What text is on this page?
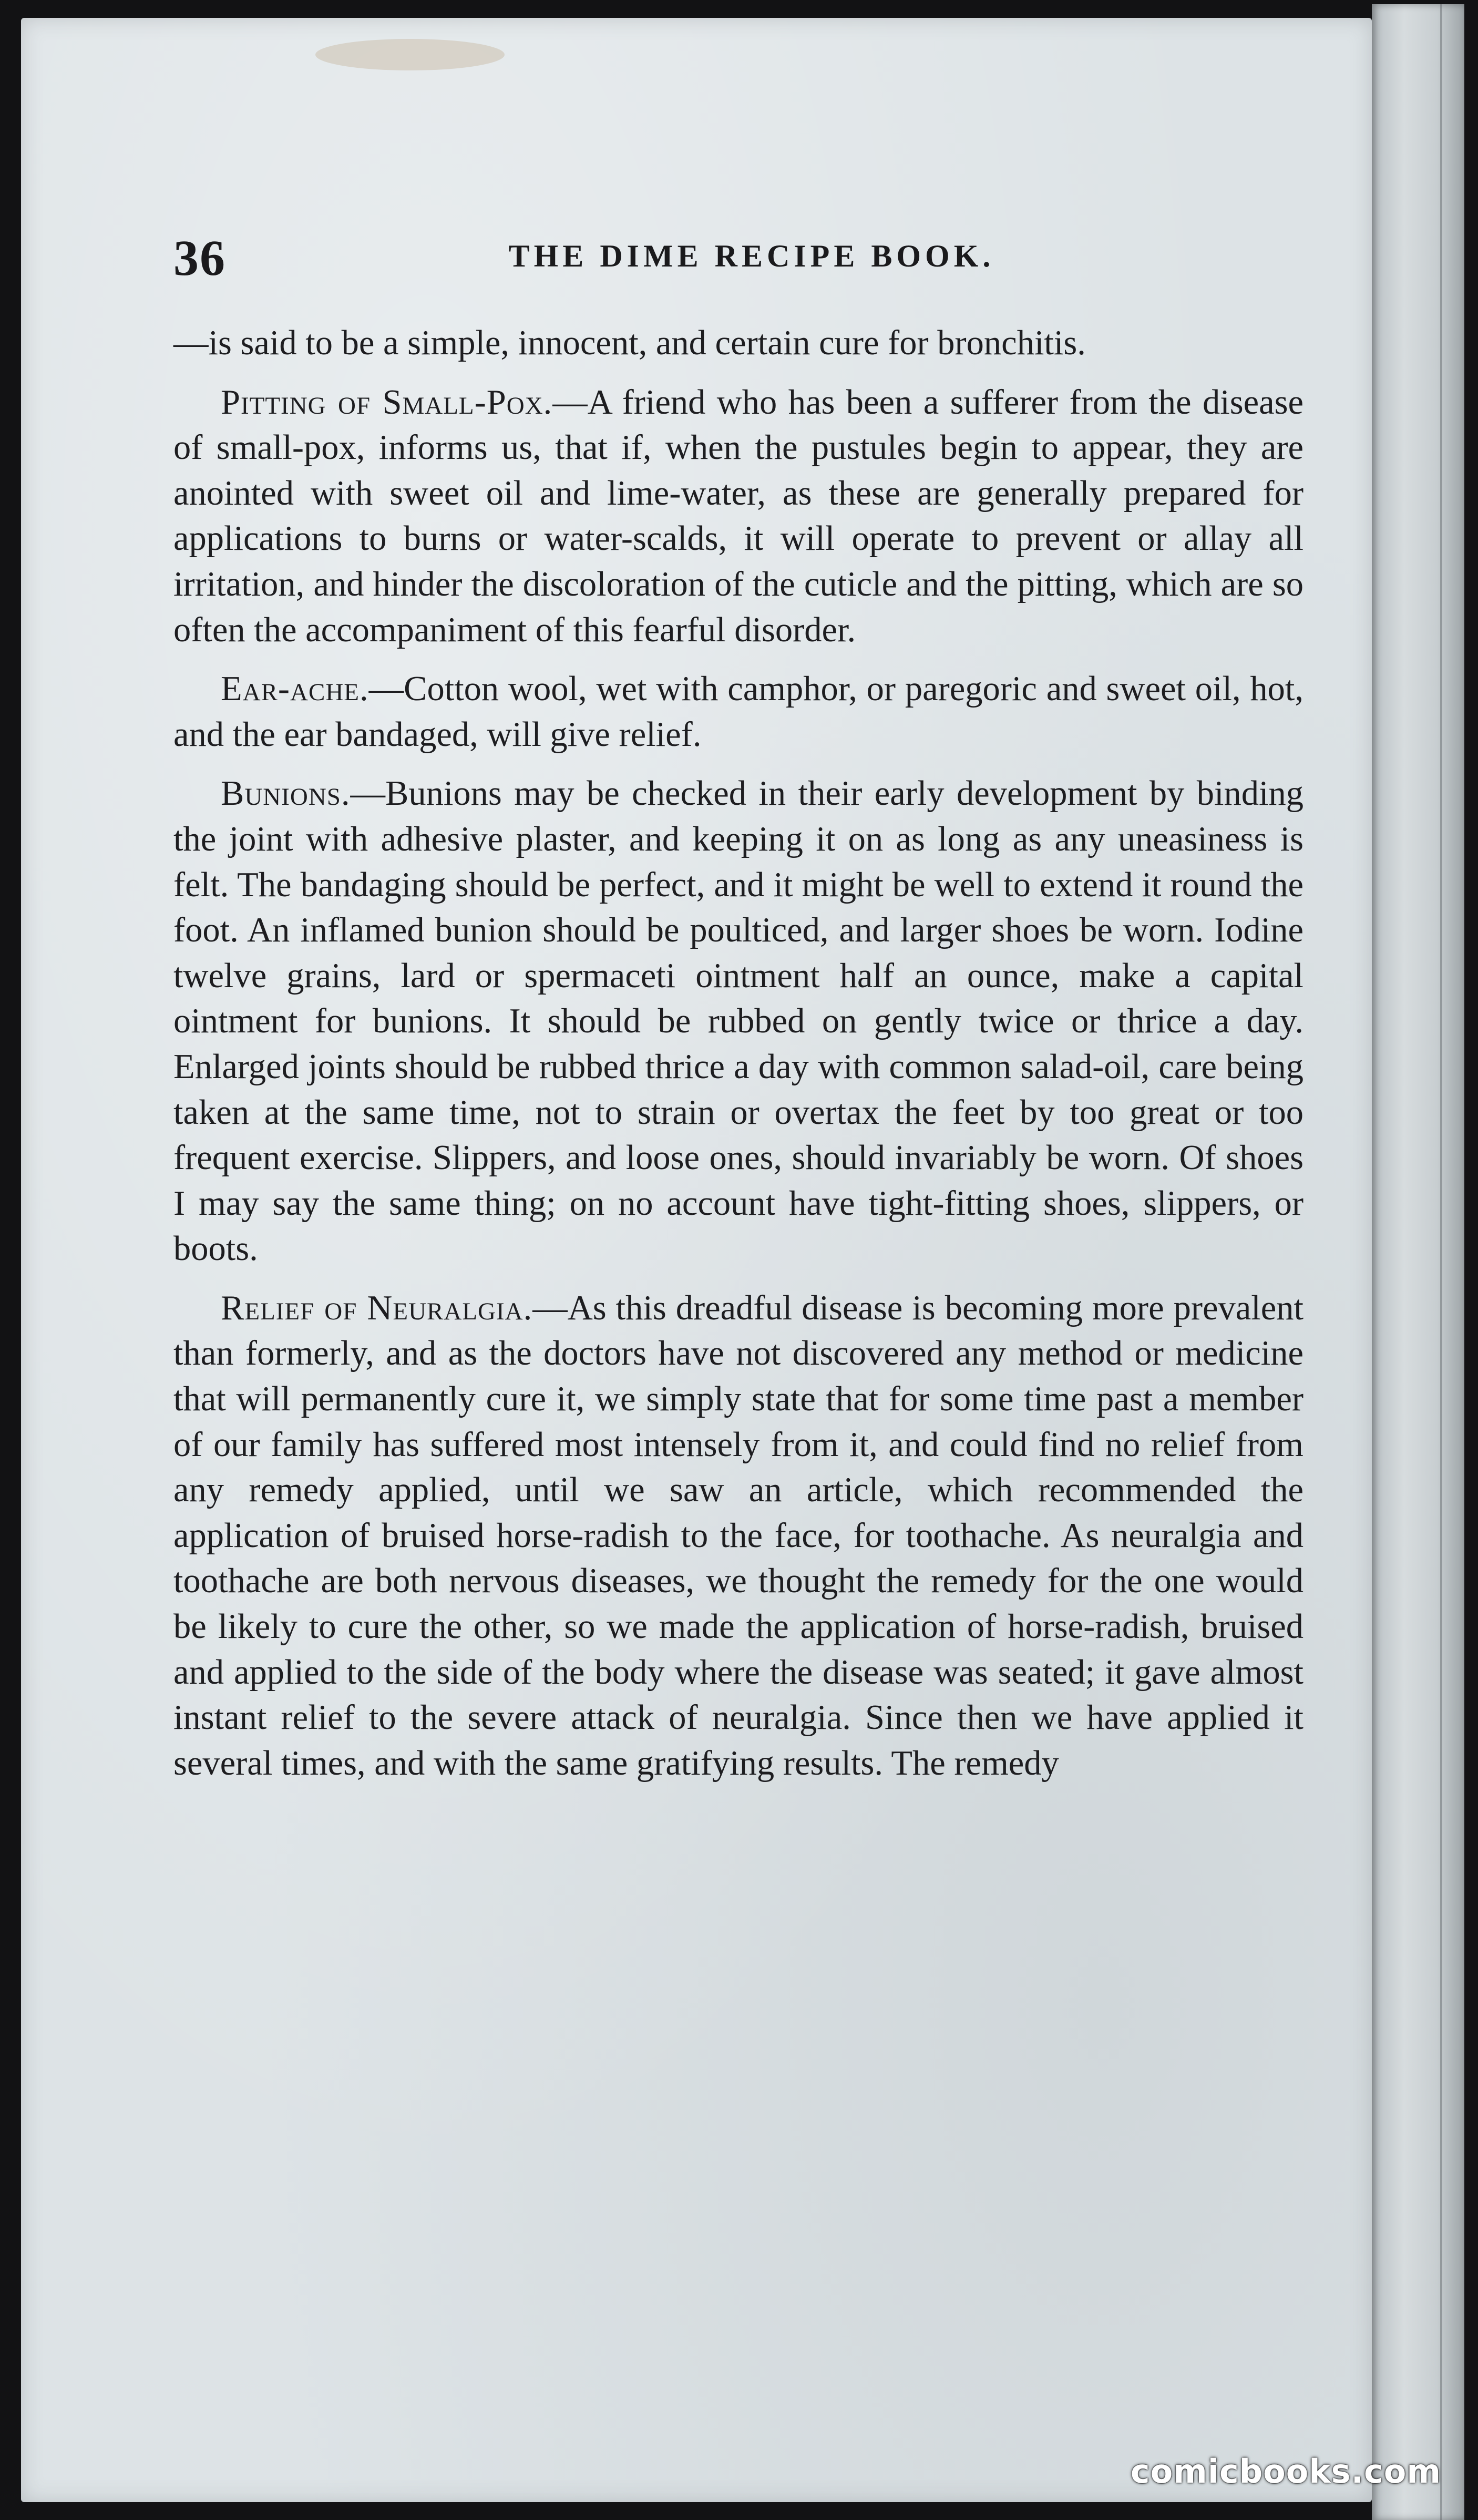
36	THE DIME RECIPE BOOK.

—is said to be a simple, innocent, and certain cure for bronchitis.

Pitting of Small-Pox.—A friend who has been a sufferer from the disease of small-pox, informs us, that if, when the pustules begin to appear, they are anointed with sweet oil and lime-water, as these are generally prepared for applications to burns or water-scalds, it will operate to prevent or allay all irritation, and hinder the discoloration of the cuticle and the pitting, which are so often the accompaniment of this fearful disorder.

Ear-ache.—Cotton wool, wet with camphor, or paregoric and sweet oil, hot, and the ear bandaged, will give relief.

Bunions.—Bunions may be checked in their early development by binding the joint with adhesive plaster, and keeping it on as long as any uneasiness is felt. The bandaging should be perfect, and it might be well to extend it round the foot. An inflamed bunion should be poulticed, and larger shoes be worn. Iodine twelve grains, lard or spermaceti ointment half an ounce, make a capital ointment for bunions. It should be rubbed on gently twice or thrice a day. Enlarged joints should be rubbed thrice a day with common salad-oil, care being taken at the same time, not to strain or overtax the feet by too great or too frequent exercise. Slippers, and loose ones, should invariably be worn. Of shoes I may say the same thing; on no account have tight-fitting shoes, slippers, or boots.

Relief of Neuralgia.—As this dreadful disease is becoming more prevalent than formerly, and as the doctors have not discovered any method or medicine that will permanently cure it, we simply state that for some time past a member of our family has suffered most intensely from it, and could find no relief from any remedy applied, until we saw an article, which recommended the application of bruised horse-radish to the face, for toothache. As neuralgia and toothache are both nervous diseases, we thought the remedy for the one would be likely to cure the other, so we made the application of horse-radish, bruised and applied to the side of the body where the disease was seated; it gave almost instant relief to the severe attack of neuralgia. Since then we have applied it several times, and with the same gratifying results. The remedy

comicbooks.com
